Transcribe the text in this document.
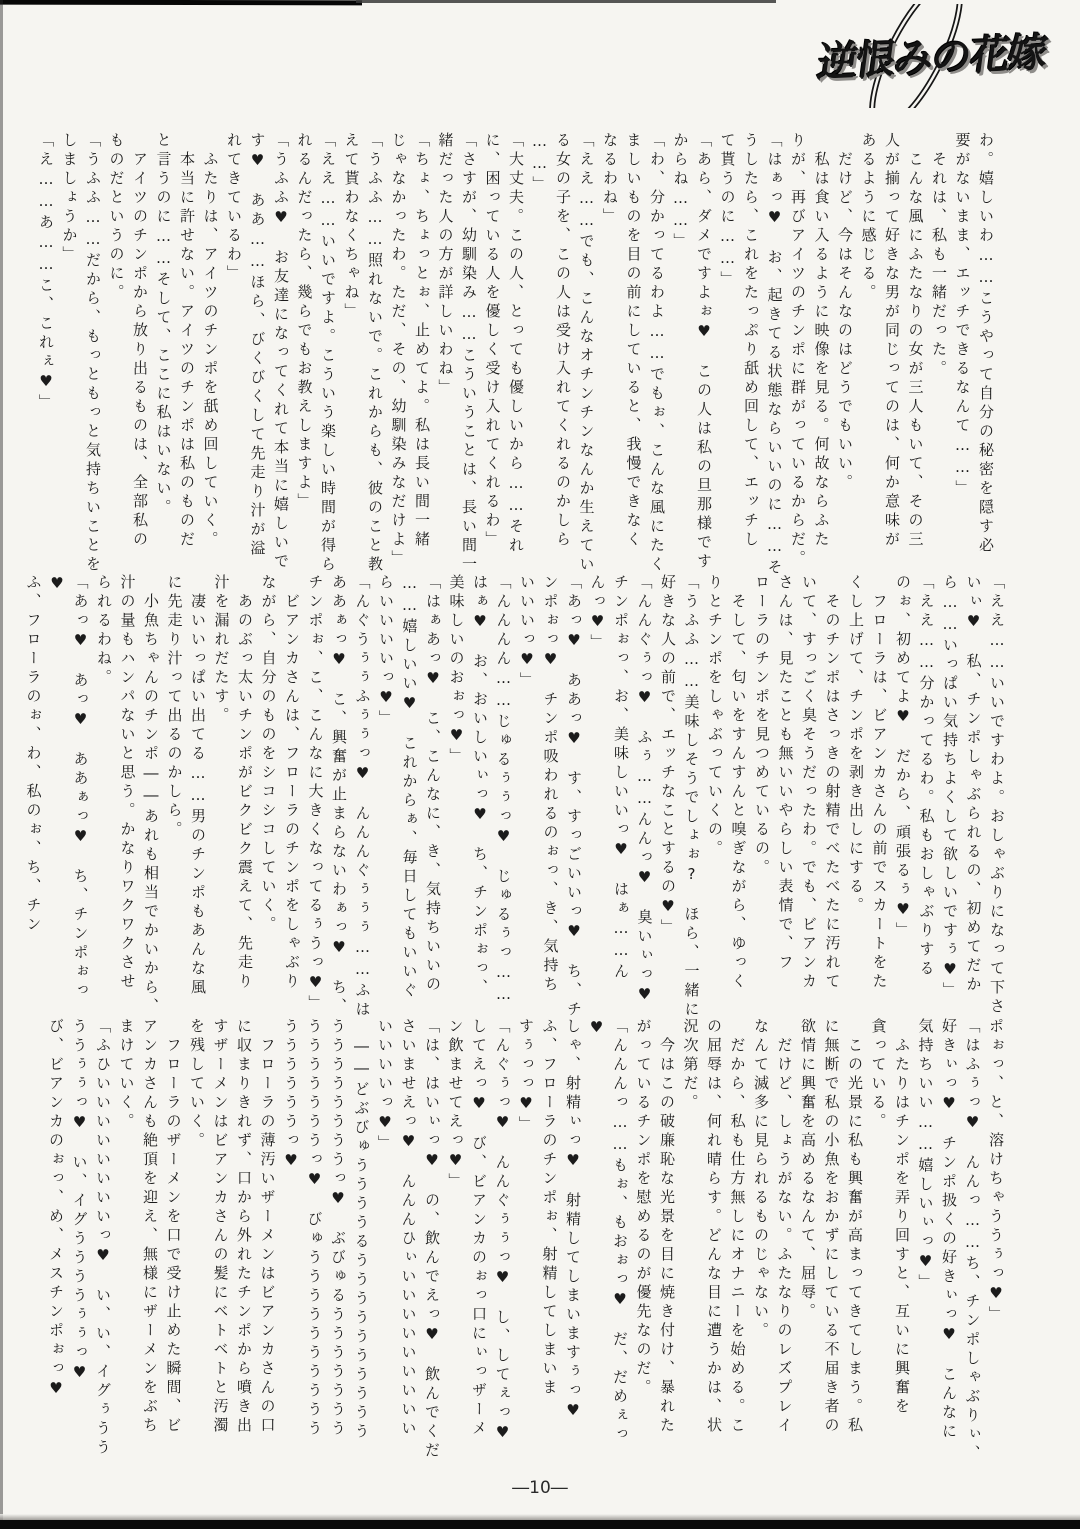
逆恨みの花嫁
わ。嬉しいわ……こうやって自分の秘密を隠す必
要がないまま、エッチできるなんて……」
　それは、私も一緒だった。
　こんな風にふたなりの女が三人もいて、その三
人が揃って好きな男が同じってのは、何か意味が
あるように感じる。
　だけど、今はそんなのはどうでもいい。
　私は食い入るように映像を見る。何故ならふた
りが、再びアイツのチンポに群がっているからだ。
「はぁっ♥　お、起きてる状態ならいいのに……そ
うしたら、これをたっぷり舐め回して、エッチし
て貰うのに……」
「あら、ダメですよぉ♥　この人は私の旦那様です
からね……」
「わ、分かってるわよ……でもぉ、こんな風にたく
ましいものを目の前にしていると、我慢できなく
なるわね」
「ええ……でも、こんなオチンチンなんか生えてい
る女の子を、この人は受け入れてくれるのかしら
……」
「大丈夫。この人、とっても優しいから……それ
に、困っている人を優しく受け入れてくれるわ」
「さすが、幼馴染み……こういうことは、長い間一
緒だった人の方が詳しいわね」
「ちょ、ちょっとぉ、止めてよ。私は長い間一緒
じゃなかったわ。ただ、その、幼馴染みなだけよ」
「うふふ……照れないで。これからも、彼のこと教
えて貰わなくちゃね」
「ええ……いいですよ。こういう楽しい時間が得ら
れるんだったら、幾らでもお教えしますよ」
「うふふ♥　お友達になってくれて本当に嬉しいで
す♥　ああ……ほら、びくびくして先走り汁が溢
れてきているわ」
　ふたりは、アイツのチンポを舐め回していく。
　本当に許せない。アイツのチンポは私のものだ
と言うのに……そして、ここに私はいない。
　アイツのチンポから放り出るものは、全部私の
ものだというのに。
「うふふ……だから、もっともっと気持ちいことを
しましょうか」
「え……あ……こ、これぇ♥」
「ええ……いいですわよ。おしゃぶりになって下さ
いぃ♥　私、チンポしゃぶられるの、初めてだか
ら……いっぱい気持ちよくして欲しいですぅ♥」
「ええ……分かってるわ。私もおしゃぶりする
のぉ、初めてよ♥　だから、頑張るぅ♥」
　フローラは、ビアンカさんの前でスカートをた
くし上げて、チンポを剥き出しにする。
　そのチンポはさっきの射精でべたべたに汚れて
いて、すっごく臭そうだったわ。でも、ビアンカ
さんは、見たことも無いいやらしい表情で、フ
ローラのチンポを見つめているの。
　そして、匂いをすんすんと嗅ぎながら、ゆっく
りとチンポをしゃぶっていくの。
「うふふ……美味しそうでしょぉ?　ほら、一緒に
好きな人の前で、エッチなことするの♥」
「んんぐぅっ♥　ふぅ……んんっ♥　臭いぃっ♥
チンポぉっ、お、美味しいいっ♥　はぁ……ん
んっ♥」
「あっ♥　ああっ♥　す、すっごいいっ♥　ち、チ
ンポぉっ♥　チンポ吸われるのぉっ、き、気持ち
いいいっ♥」
「んんんん……じゅるぅぅっ♥　じゅるぅっ……
はぁ♥　お、おいしいぃっ♥　ち、チンポぉっ、
美味しいのおぉっ♥」
「はぁあっ♥　こ、こんなに、き、気持ちいいの
……嬉しいい♥　これからぁ、毎日してもいいぐ
らいいいいっ♥」
「んぐうぅぅふぅぅっ♥　んんんぐぅぅぅ……ふは
ああぁっ♥　こ、興奮が止まらないわぁっ♥　ち、
チンポぉ、こ、こんなに大きくなってるぅうっ♥」
　ビアンカさんは、フローラのチンポをしゃぶり
ながら、自分のものをシコシコしていく。
　あのぶっ太いチンポがビクビク震えて、先走り
汁を漏れだたす。
　凄いいっぱい出てる……男のチンポもあんな風
に先走り汁って出るのかしら。
　小魚ちゃんのチンポ――あれも相当でかいから、
汁の量もハンパないと思う。かなりワクワクさせ
られるわね。
「あっ♥　あっ♥　ああぁっ♥　ち、チンポぉっ♥
ふ、フローラのぉ、わ、私のぉ、ち、チン
ポぉっ、と、溶けちゃううぅっ♥」
「はふぅっ♥　んんっ……ち、チンポしゃぶりぃ、
好きぃっ♥　チンポ扱くの好きぃっ♥　こんなに
気持ちいい……嬉しいぃっ♥」
　ふたりはチンポを弄り回すと、互いに興奮を
貪っている。
　この光景に私も興奮が高まってきてしまう。私
に無断で私の小魚をおかずにしている不届き者の
欲情に興奮を高めるなんて、屈辱。
　だけど、しょうがない。ふたなりのレズプレイ
なんて滅多に見られるものじゃない。
　だから、私も仕方無しにオナニーを始める。こ
の屈辱は、何れ晴らす。どんな目に遭うかは、状
況次第だ。
　今はこの破廉恥な光景を目に焼き付け、暴れた
がっているチンポを慰めるのが優先なのだ。
「んんんっ……もぉ、もおぉっ♥　だ、だめぇっ♥
しゃ、射精ぃっ♥　射精してしまいますぅっ♥
ふ、フローラのチンポぉ、射精してしまいま
すぅっっ♥」
「んぐぅっ♥　んんぐぅぅっ♥　し、してぇっ♥
してえっ♥　び、ビアンカのぉっ口にぃっザーメ
ン飲ませてえっ♥」
「は、はいぃっ♥　の、飲んでえっ♥　飲んでくだ
さいませえっ♥　んんんひぃいいいいいいいいい
いいいいっ♥」
　――どぶびゅううううるうううううううううう
ううううううううっ♥　ぶびゅるううううううう
うううううううっ♥　びゅうううううううううう
ううううううっ♥
　フローラの薄汚いザーメンはビアンカさんの口
に収まりきれず、口から外れたチンポから噴き出
すザーメンはビアンカさんの髪にベトベトと汚濁
を残していく。
　フローラのザーメンを口で受け止めた瞬間、ビ
アンカさんも絶頂を迎え、無様にザーメンをぶち
まけていく。
「ふひいいいいいいいいっ♥　い、い、イグぅうう
ううぅぅっ♥　い、イグううううぅぅっ♥
び、ビアンカのぉっ、め、メスチンポぉっ♥
―10―
